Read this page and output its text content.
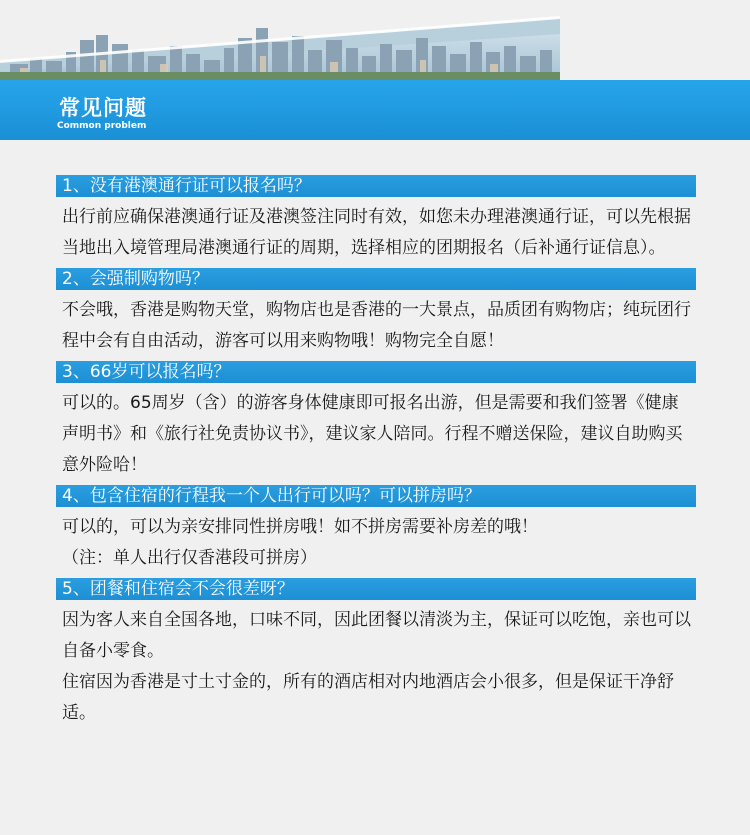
常见问题
Common problem
1、没有港澳通行证可以报名吗？

出行前应确保港澳通行证及港澳签注同时有效，如您未办理港澳通行证，可以先根据当地出入境管理局港澳通行证的周期，选择相应的团期报名（后补通行证信息）。

2、会强制购物吗？

不会哦，香港是购物天堂，购物店也是香港的一大景点，品质团有购物店；纯玩团行程中会有自由活动，游客可以用来购物哦！购物完全自愿！

3、66岁可以报名吗？

可以的。65周岁（含）的游客身体健康即可报名出游，但是需要和我们签署《健康声明书》和《旅行社免责协议书》，建议家人陪同。行程不赠送保险，建议自助购买意外险哈！

4、包含住宿的行程我一个人出行可以吗？可以拼房吗？

可以的，可以为亲安排同性拼房哦！如不拼房需要补房差的哦！

（注：单人出行仅香港段可拼房）

5、团餐和住宿会不会很差呀？

因为客人来自全国各地，口味不同，因此团餐以清淡为主，保证可以吃饱，亲也可以自备小零食。

住宿因为香港是寸土寸金的，所有的酒店相对内地酒店会小很多，但是保证干净舒适。
